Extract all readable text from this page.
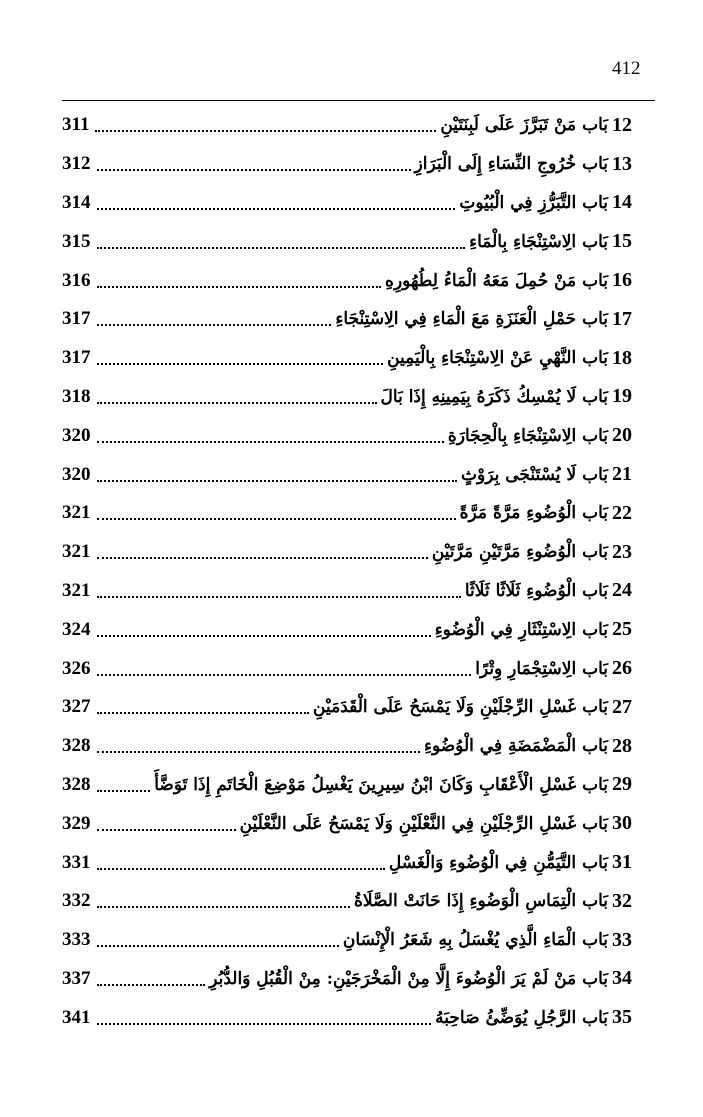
412
12
بَاب مَنْ تَبَرَّزَ عَلَى لَبِنَتَيْنِ
311
13
بَاب خُرُوجِ النِّسَاءِ إِلَى الْبَرَازِ
312
14
بَاب التَّبَرُّزِ فِي الْبُيُوتِ
314
15
بَاب الِاسْتِنْجَاءِ بِالْمَاءِ
315
16
بَاب مَنْ حُمِلَ مَعَهُ الْمَاءُ لِطُهُورِهِ
316
17
بَاب حَمْلِ الْعَنَزَةِ مَعَ الْمَاءِ فِي الِاسْتِنْجَاءِ
317
18
بَاب النَّهْيِ عَنْ الِاسْتِنْجَاءِ بِالْيَمِينِ
317
19
بَاب لَا يُمْسِكُ ذَكَرَهُ بِيَمِينِهِ إِذَا بَالَ
318
20
بَاب الِاسْتِنْجَاءِ بِالْحِجَارَةِ
320
21
بَاب لَا يُسْتَنْجَى بِرَوْثٍ
320
22
بَاب الْوُضُوءِ مَرَّةً مَرَّةً
321
23
بَاب الْوُضُوءِ مَرَّتَيْنِ مَرَّتَيْنِ
321
24
بَاب الْوُضُوءِ ثَلَاثًا ثَلَاثًا
321
25
بَاب الِاسْتِنْثَارِ فِي الْوُضُوءِ
324
26
بَاب الِاسْتِجْمَارِ وِتْرًا
326
27
بَاب غَسْلِ الرِّجْلَيْنِ وَلَا يَمْسَحُ عَلَى الْقَدَمَيْنِ
327
28
بَاب الْمَضْمَضَةِ فِي الْوُضُوءِ
328
29
بَاب غَسْلِ الْأَعْقَابِ وَكَانَ ابْنُ سِيرِينَ يَغْسِلُ مَوْضِعَ الْخَاتَمِ إِذَا تَوَضَّأَ
328
30
بَاب غَسْلِ الرِّجْلَيْنِ فِي النَّعْلَيْنِ وَلَا يَمْسَحُ عَلَى النَّعْلَيْنِ
329
31
بَاب التَّيَمُّنِ فِي الْوُضُوءِ وَالْغَسْلِ
331
32
بَاب الْتِمَاسِ الْوَضُوءِ إِذَا حَانَتْ الصَّلَاةُ
332
33
بَاب الْمَاءِ الَّذِي يُغْسَلُ بِهِ شَعَرُ الْإِنْسَانِ
333
34
بَاب مَنْ لَمْ يَرَ الْوُضُوءَ إِلَّا مِنْ الْمَخْرَجَيْنِ: مِنْ الْقُبُلِ وَالدُّبُرِ
337
35
بَاب الرَّجُلِ يُوَضِّئُ صَاحِبَهُ
341
